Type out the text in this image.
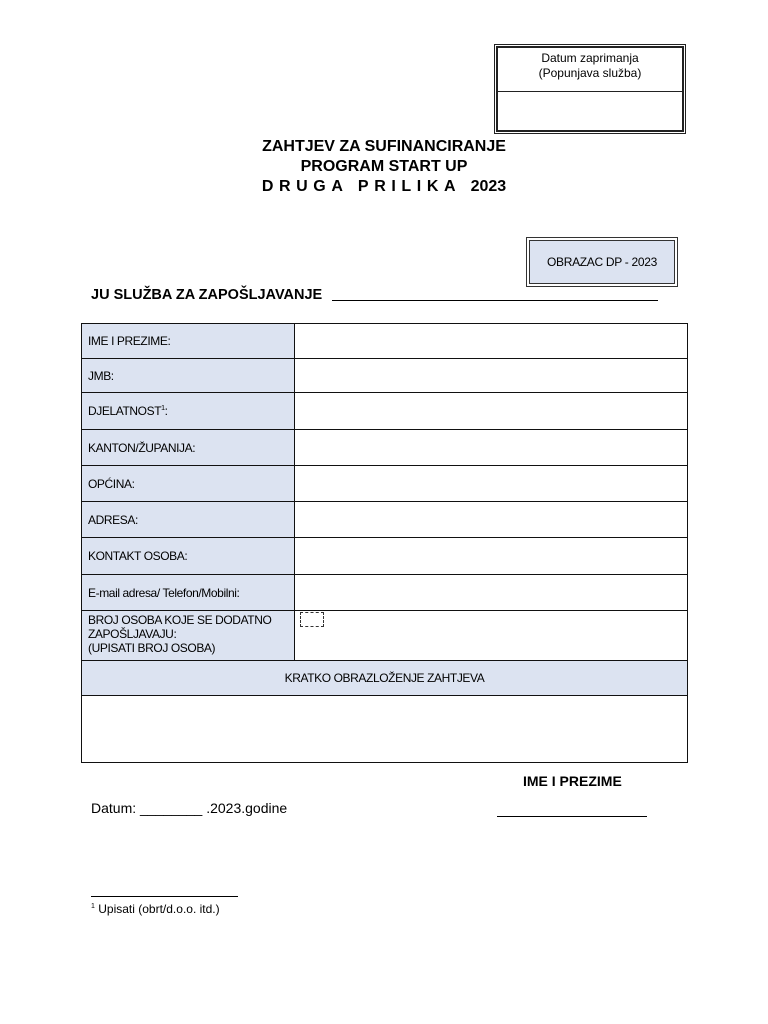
Datum zaprimanja
(Popunjava služba)
ZAHTJEV ZA SUFINANCIRANJE
PROGRAM START UP
DRUGA PRILIKA 2023
OBRAZAC DP - 2023
JU SLUŽBA ZA ZAPOŠLJAVANJE
IME I PREZIME:	
JMB:	
DJELATNOST$^1$:	
KANTON/ŽUPANIJA:	
OPĆINA:	
ADRESA:	
KONTAKT OSOBA:	
E-mail adresa/ Telefon/Mobilni:	

BROJ OSOBA KOJE SE DODATNO
ZAPOŠLJAVAJU:
(UPISATI BROJ OSOBA)	

KRATKO OBRAZLOŽENJE ZAHTJEVA	

IME I PREZIME
Datum: ________ .2023.godine
$^1$ Upisati (obrt/d.o.o. itd.)
